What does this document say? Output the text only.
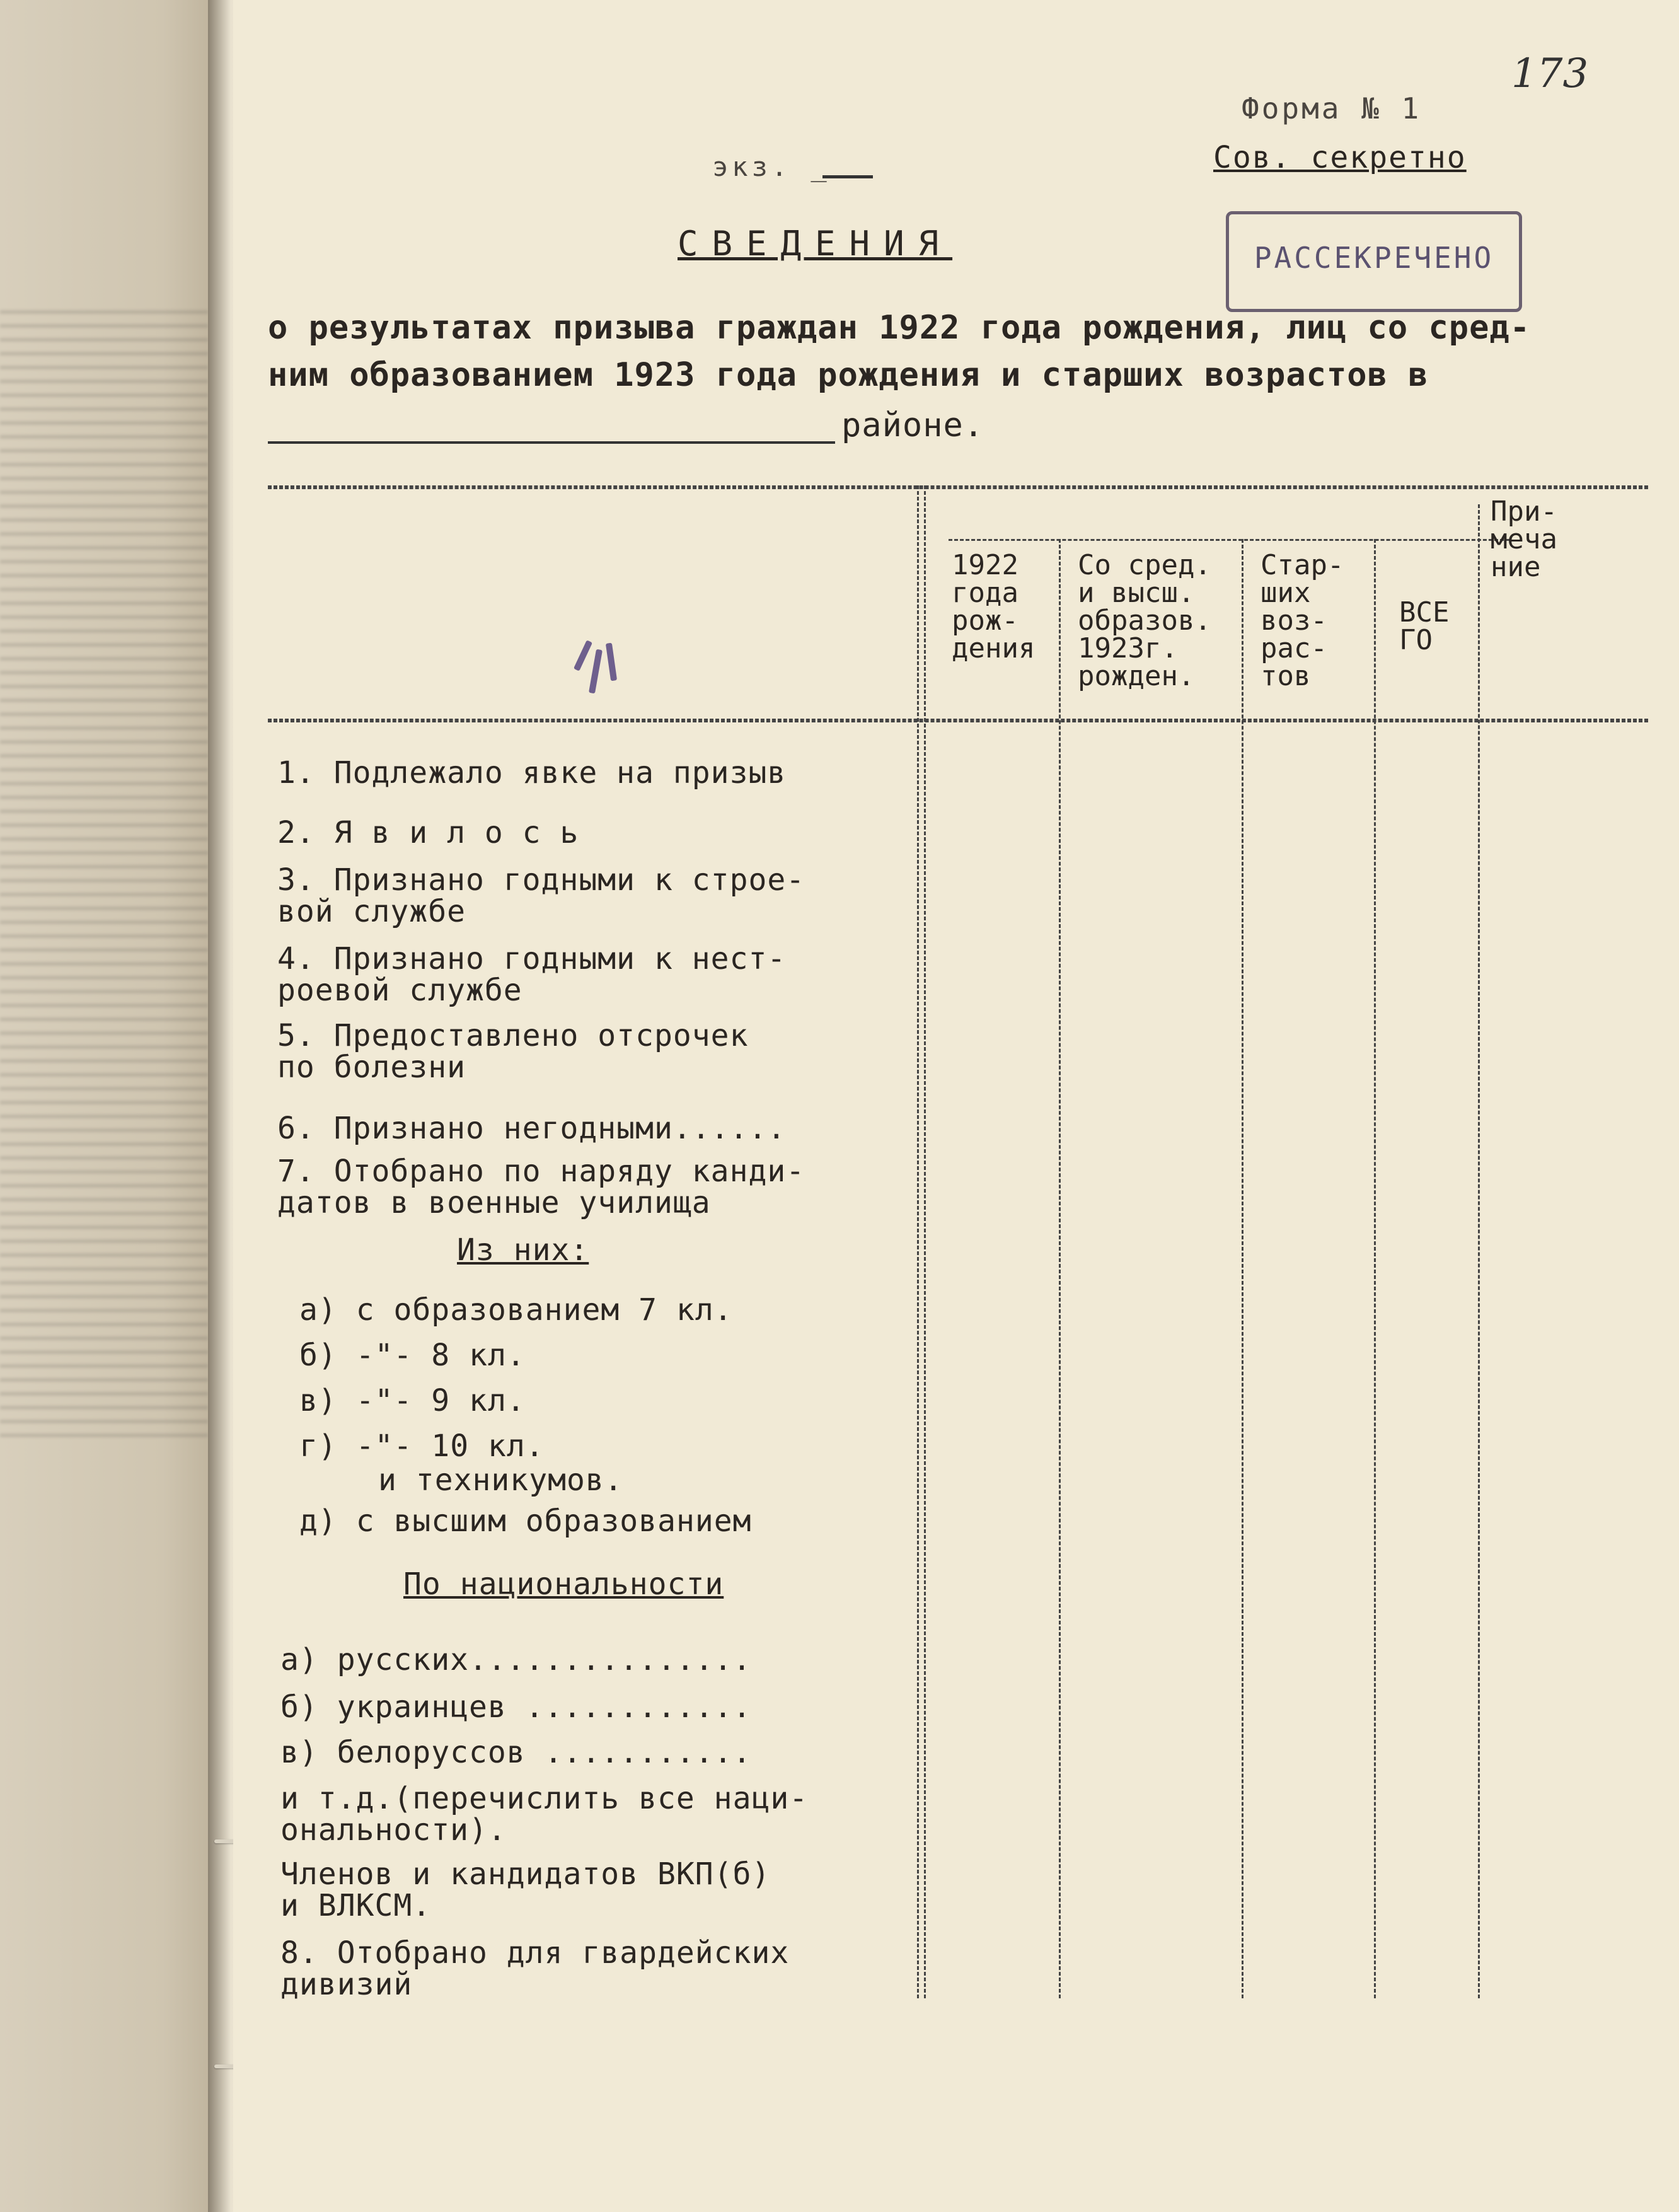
173
Форма № 1
Сов. секретно
экз. _
РАССЕКРЕЧЕНО
СВЕДЕНИЯ
о результатах призыва граждан 1922 года рождения, лиц со сред-
ним образованием 1923 года рождения и старших возрастов в
районе.
1922
года
рож-
дения
Со сред.
и высш.
образов.
1923г.
рожден.
Стар-
ших
воз-
рас-
тов
ВСЕ
ГО
При-
меча
ние
1. Подлежало явке на призыв
2. Я в и л о с ь
3. Признано годными к строе-
вой службе
4. Признано годными к нест-
роевой службе
5. Предоставлено отсрочек
по болезни
6. Признано негодными......
7. Отобрано по наряду канди-
датов в военные училища
Из них:
а) с образованием 7 кл.
б) -"- 8 кл.
в) -"- 9 кл.
г) -"- 10 кл.
и техникумов.
д) с высшим образованием
По национальности
а) русских...............
б) украинцев ............
в) белоруссов ...........
и т.д.(перечислить все наци-
ональности).
Членов и кандидатов ВКП(б)
и ВЛКСМ.
8. Отобрано для гвардейских
дивизий
